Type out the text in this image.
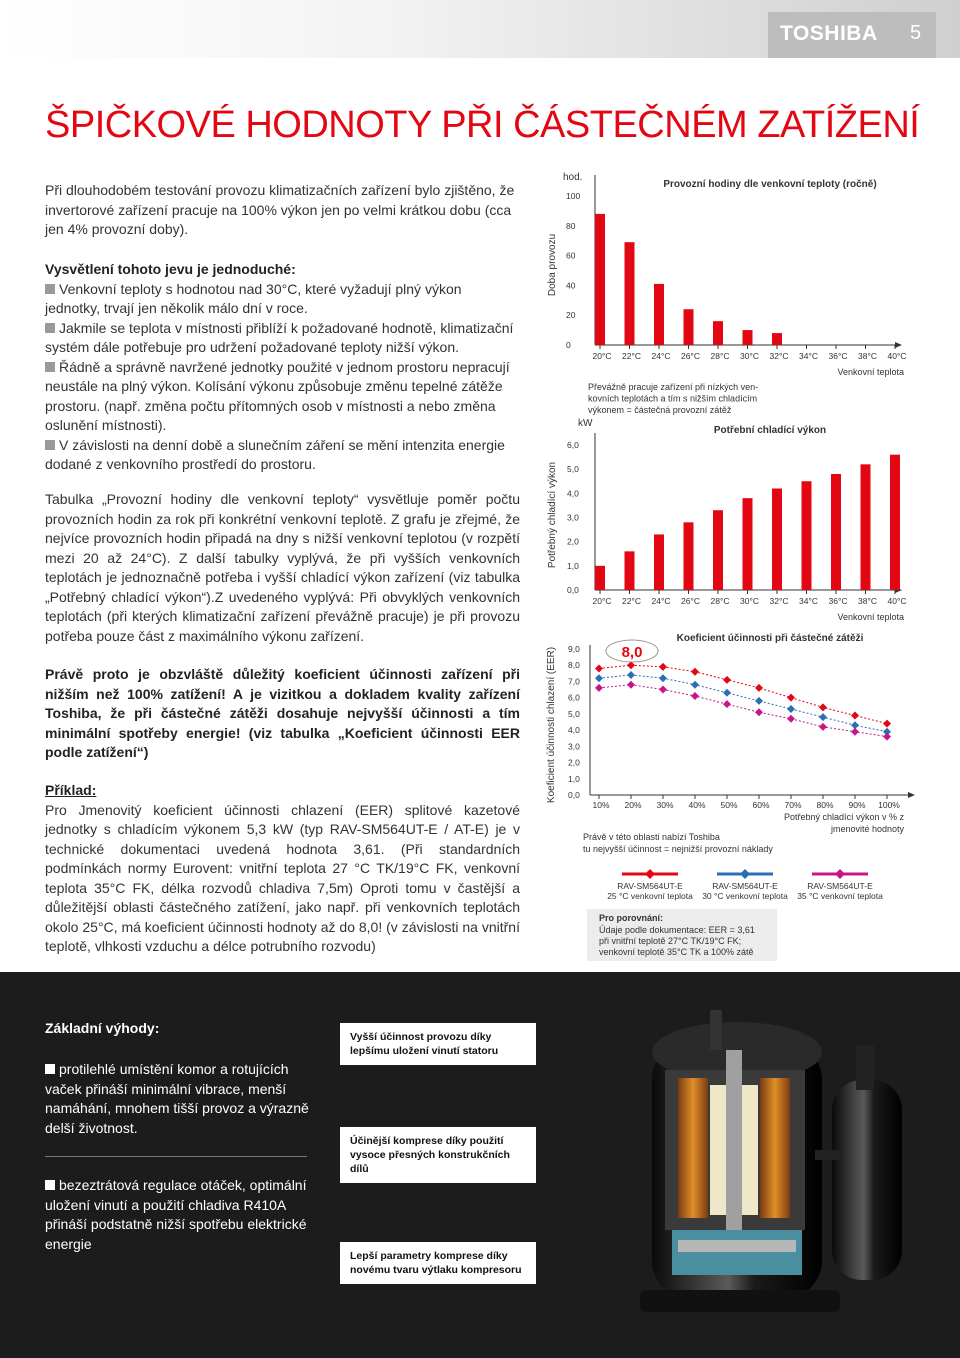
TOSHIBA 5
ŠPIČKOVÉ HODNOTY PŘI ČÁSTEČNÉM ZATÍŽENÍ

Při dlouhodobém testování provozu klimatizačních zařízení bylo zjištěno, že invertorové zařízení pracuje na 100% výkon jen po velmi krátkou dobu (cca jen 4% provozní doby).

Vysvětlení tohoto jevu je jednoduché:

Venkovní teploty s hodnotou nad 30°C, které vyžadují plný výkon jednotky, trvají jen několik málo dní v roce.

Jakmile se teplota v místnosti přiblíží k požadované hodnotě, klimatizační systém dále potřebuje pro udržení požadované teploty nižší výkon.

Řádně a správně navržené jednotky použité v jednom prostoru nepracují neustále na plný výkon. Kolísání výkonu způsobuje změnu tepelné zátěže prostoru. (např. změna počtu přítomných osob v místnosti a nebo změna oslunění místnosti).

V závislosti na denní době a slunečním záření se mění intenzita energie dodané z venkovního prostředí do prostoru.

Tabulka „Provozní hodiny dle venkovní teploty“ vysvětluje poměr počtu provozních hodin za rok při konkrétní venkovní teplotě. Z grafu je zřejmé, že nejvíce provozních hodin připadá na dny s nižší venkovní teplotou (v rozpětí mezi 20 až 24°C). Z další tabulky vyplývá, že při vyšších venkovních teplotách je jednoznačně potřeba i vyšší chladící výkon zařízení (viz tabulka „Potřebný chladící výkon“).Z uvedeného vyplývá: Při obvyklých venkovních teplotách (při kterých klimatizační zařízení převážně pracuje) je při provozu potřeba pouze část z maximálního výkonu zařízení.

Právě proto je obzvláště důležitý koeficient účinnosti zařízení při nižším než 100% zatížení! A je vizitkou a dokladem kvality zařízení Toshiba, že při částečné zátěži dosahuje nejvyšší účinnosti a tím minimální spotřeby energie! (viz tabulka „Koeficient účinnosti EER podle zatížení“)

Příklad:

Pro Jmenovitý koeficient účinnosti chlazení (EER) splitové kazetové jednotky s chladícím výkonem 5,3 kW (typ RAV-SM564UT-E / AT-E) je v technické dokumentaci uvedená hodnota 3,61. (Při standardních podmínkách normy Eurovent: vnitřní teplota 27 °C TK/19°C FK, venkovní teplota 35°C FK, délka rozvodů chladiva 7,5m) Oproti tomu v častější a důležitější oblasti částečného zatížení, jako např. při venkovních teplotách okolo 25°C, má koeficient účinnosti hodnoty až do 8,0! (v závislosti na vnitřní teplotě, vlhkosti vzduchu a délce potrubního rozvodu)

Provozní hodiny dle venkovní teploty (ročně)
hod.
100
80
60
40
20
0
20°C 22°C 24°C 26°C 28°C 30°C 32°C 34°C 36°C 38°C 40°C
Venkovní teplota
Doba provozu
Převážně pracuje zařízení při nízkých ven-
kovních teplotách a tím s nižším chladícím
výkonem = částečná provozní zátěž
Potřební chladící výkon
kW
6,0
5,0
4,0
3,0
2,0
1,0
0,0
20°C 22°C 24°C 26°C 28°C 30°C 32°C 34°C 36°C 38°C 40°C
Venkovní teplota
Potřebný chladící výkon
Koeficient účinnosti při částečné zátěži
9,0
8,0
7,0
6,0
5,0
4,0
3,0
2,0
1,0
0,0
10% 20% 30% 40% 50% 60% 70% 80% 90% 100%
8,0
Potřebný chladící výkon v % z
jmenovité hodnoty
Koeficient účinnosti chlazení (EER)
Právě v této oblasti nabízí Toshiba
tu nejvyšší účinnost = nejnižší provozní náklady
RAV-SM564UT-E
25 °C venkovní teplota
RAV-SM564UT-E
30 °C venkovní teplota
RAV-SM564UT-E
35 °C venkovní teplota
Pro porovnání:
Údaje podle dokumentace: EER = 3,61
při vnitřní teplotě 27°C TK/19°C FK;
venkovní teplotě 35°C TK a 100% zátě
Základní výhody:
protilehlé umístění komor a rotujících vaček přináší minimální vibrace, menší namáhání, mnohem tišší provoz a výrazně delší životnost.
bezeztrátová regulace otáček, optimální uložení vinutí a použití chladiva R410A přináší podstatně nižší spotřebu elektrické energie
Vyšší účinnost provozu díky lepšímu uložení vinutí statoru
Účinější komprese díky použití vysoce přesných konstrukčních dílů
Lepší parametry komprese díky novému tvaru výtlaku kompresoru
